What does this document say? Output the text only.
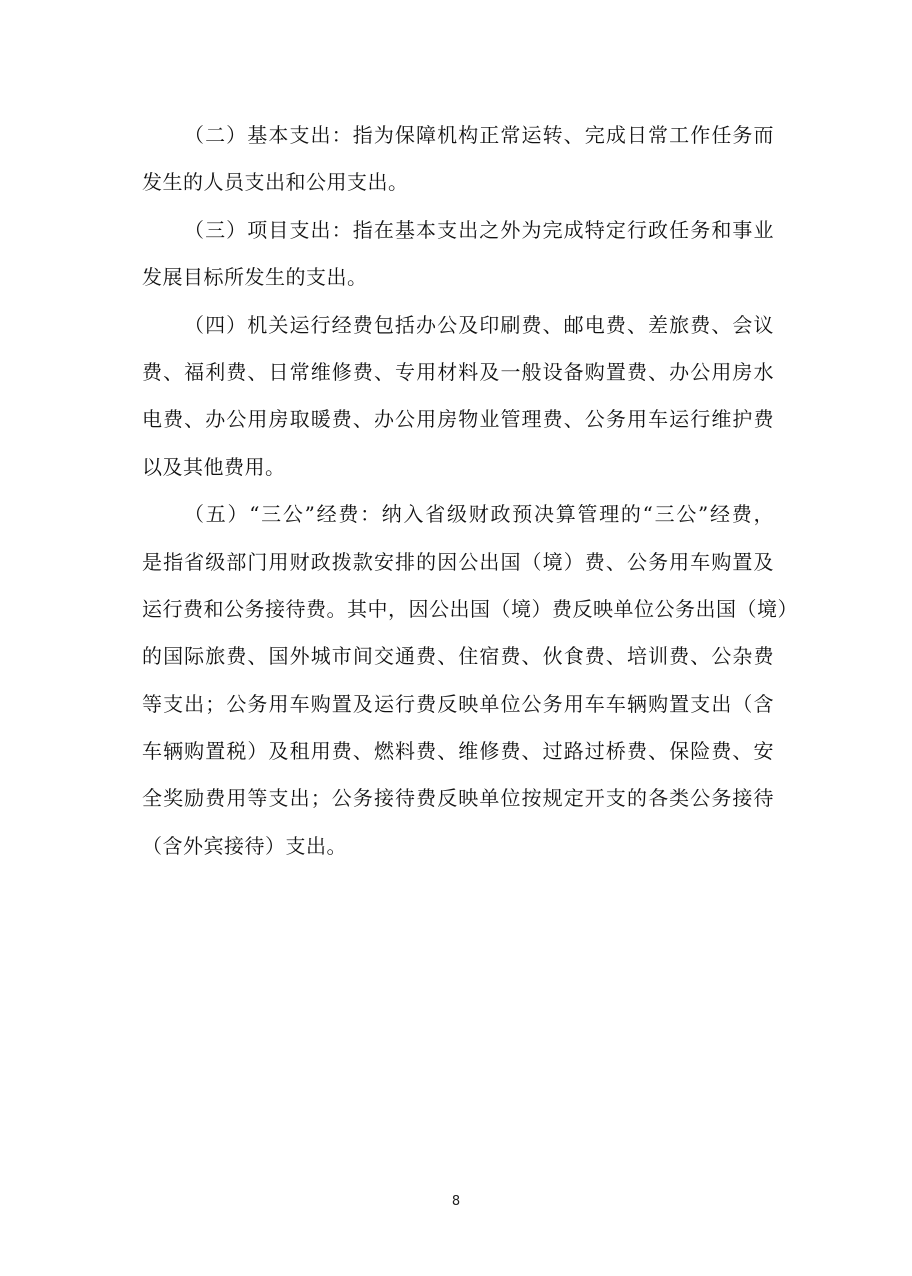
（二）基本支出：指为保障机构正常运转、完成日常工作任务而
发生的人员支出和公用支出。
（三）项目支出：指在基本支出之外为完成特定行政任务和事业
发展目标所发生的支出。
（四）机关运行经费包括办公及印刷费、邮电费、差旅费、会议
费、福利费、日常维修费、专用材料及一般设备购置费、办公用房水
电费、办公用房取暖费、办公用房物业管理费、公务用车运行维护费
以及其他费用。
（五）“三公”经费：纳入省级财政预决算管理的“三公”经费，
是指省级部门用财政拨款安排的因公出国（境）费、公务用车购置及
运行费和公务接待费。其中，因公出国（境）费反映单位公务出国（境）
的国际旅费、国外城市间交通费、住宿费、伙食费、培训费、公杂费
等支出；公务用车购置及运行费反映单位公务用车车辆购置支出（含
车辆购置税）及租用费、燃料费、维修费、过路过桥费、保险费、安
全奖励费用等支出；公务接待费反映单位按规定开支的各类公务接待
（含外宾接待）支出。
8
